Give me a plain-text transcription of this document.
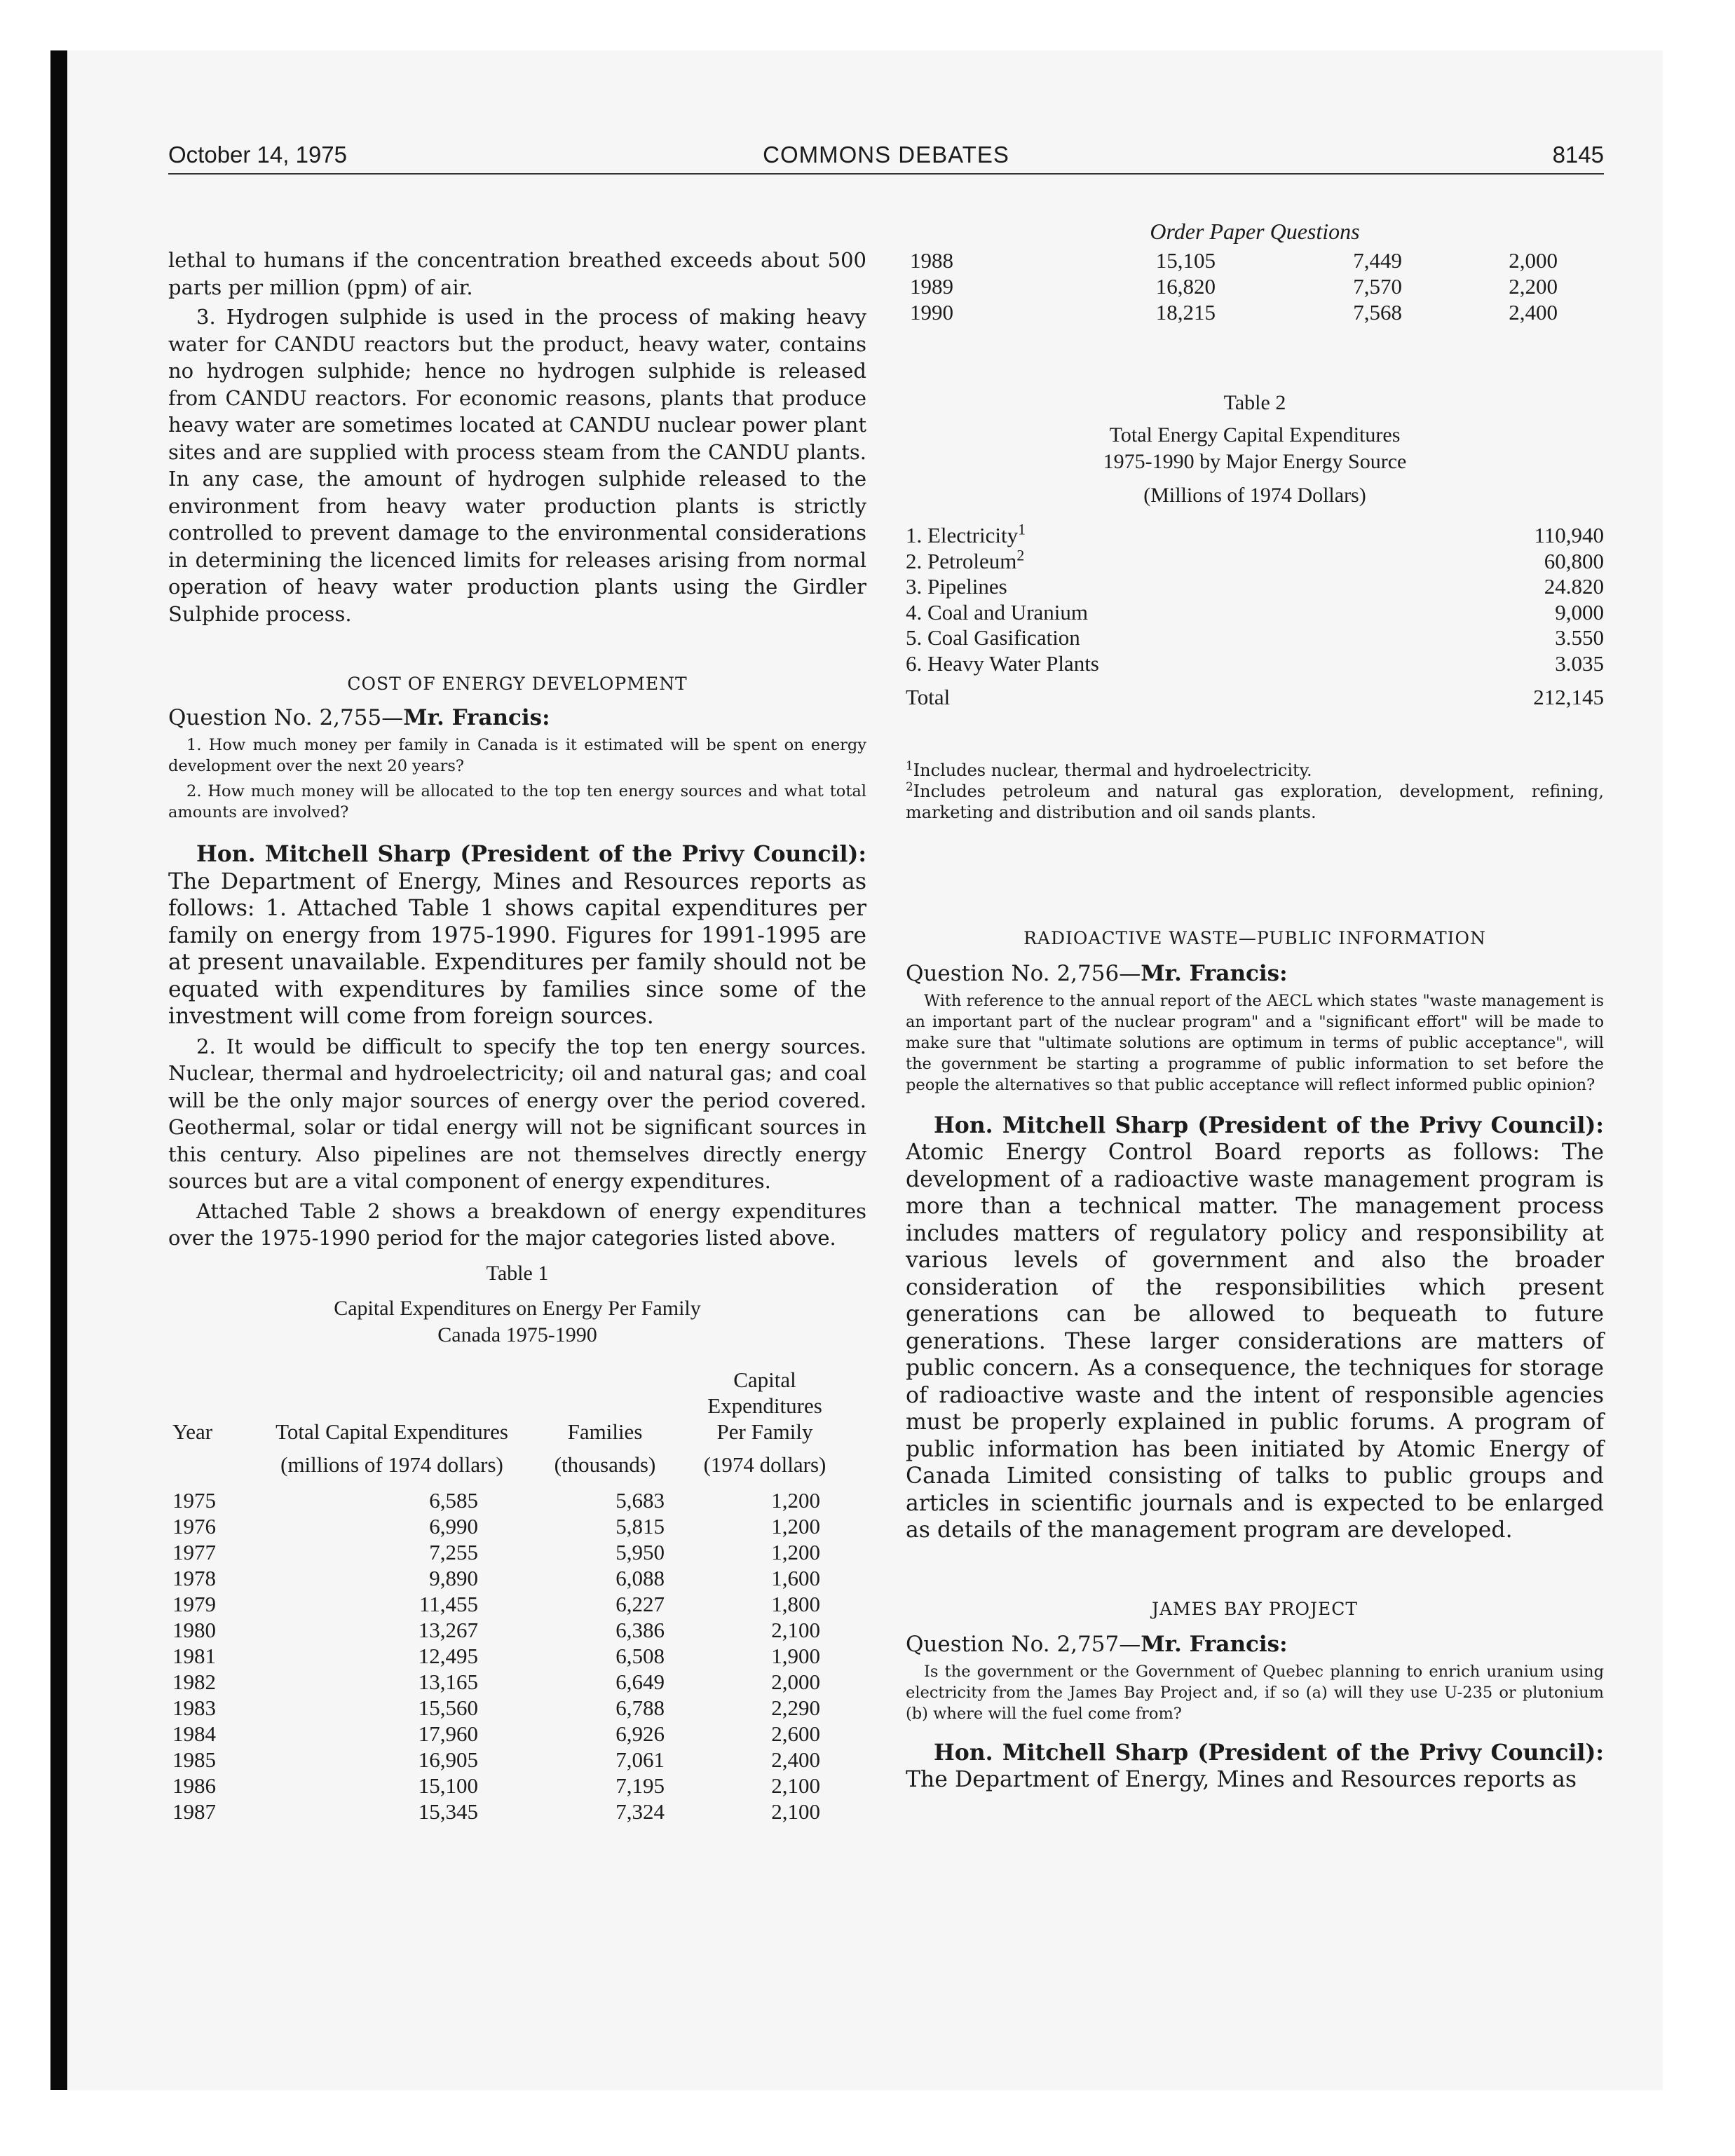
October 14, 1975	COMMONS DEBATES	8145

lethal to humans if the concentration breathed exceeds about 500 parts per million (ppm) of air.

3. Hydrogen sulphide is used in the process of making heavy water for CANDU reactors but the product, heavy water, contains no hydrogen sulphide; hence no hydrogen sulphide is released from CANDU reactors. For economic reasons, plants that produce heavy water are sometimes located at CANDU nuclear power plant sites and are supplied with process steam from the CANDU plants. In any case, the amount of hydrogen sulphide released to the environment from heavy water production plants is strictly controlled to prevent damage to the environmental considerations in determining the licenced limits for releases arising from normal operation of heavy water production plants using the Girdler Sulphide process.

COST OF ENERGY DEVELOPMENT

Question No. 2,755—Mr. Francis:

1. How much money per family in Canada is it estimated will be spent on energy development over the next 20 years?

2. How much money will be allocated to the top ten energy sources and what total amounts are involved?

Hon. Mitchell Sharp (President of the Privy Council): The Department of Energy, Mines and Resources reports as follows: 1. Attached Table 1 shows capital expenditures per family on energy from 1975-1990. Figures for 1991-1995 are at present unavailable. Expenditures per family should not be equated with expenditures by families since some of the investment will come from foreign sources.

2. It would be difficult to specify the top ten energy sources. Nuclear, thermal and hydroelectricity; oil and natural gas; and coal will be the only major sources of energy over the period covered. Geothermal, solar or tidal energy will not be significant sources in this century. Also pipelines are not themselves directly energy sources but are a vital component of energy expenditures.

Attached Table 2 shows a breakdown of energy expenditures over the 1975-1990 period for the major categories listed above.

Table 1

Capital Expenditures on Energy Per Family

Canada 1975-1990

Year	Total Capital Expenditures	Families	Capital
Expenditures
Per Family

	(millions of 1974 dollars)	(thousands)	(1974 dollars)

1975	6,585	5,683	1,200
1976	6,990	5,815	1,200
1977	7,255	5,950	1,200
1978	9,890	6,088	1,600
1979	11,455	6,227	1,800
1980	13,267	6,386	2,100
1981	12,495	6,508	1,900
1982	13,165	6,649	2,000
1983	15,560	6,788	2,290
1984	17,960	6,926	2,600
1985	16,905	7,061	2,400
1986	15,100	7,195	2,100
1987	15,345	7,324	2,100

Order Paper Questions

1988	15,105	7,449	2,000
1989	16,820	7,570	2,200
1990	18,215	7,568	2,400

Table 2

Total Energy Capital Expenditures

1975-1990 by Major Energy Source

(Millions of 1974 Dollars)

1. Electricity$^1$	110,940
2. Petroleum$^2$	60,800
3. Pipelines	24.820
4. Coal and Uranium	9,000
5. Coal Gasification	3.550
6. Heavy Water Plants	3.035
Total	212,145

$^1$Includes nuclear, thermal and hydroelectricity.

$^2$Includes petroleum and natural gas exploration, development, refining, marketing and distribution and oil sands plants.

RADIOACTIVE WASTE—PUBLIC INFORMATION

Question No. 2,756—Mr. Francis:

With reference to the annual report of the AECL which states "waste management is an important part of the nuclear program" and a "significant effort" will be made to make sure that "ultimate solutions are optimum in terms of public acceptance", will the government be starting a programme of public information to set before the people the alternatives so that public acceptance will reflect informed public opinion?

Hon. Mitchell Sharp (President of the Privy Council): Atomic Energy Control Board reports as follows: The development of a radioactive waste management program is more than a technical matter. The management process includes matters of regulatory policy and responsibility at various levels of government and also the broader consideration of the responsibilities which present generations can be allowed to bequeath to future generations. These larger considerations are matters of public concern. As a consequence, the techniques for storage of radioactive waste and the intent of responsible agencies must be properly explained in public forums. A program of public information has been initiated by Atomic Energy of Canada Limited consisting of talks to public groups and articles in scientific journals and is expected to be enlarged as details of the management program are developed.

JAMES BAY PROJECT

Question No. 2,757—Mr. Francis:

Is the government or the Government of Quebec planning to enrich uranium using electricity from the James Bay Project and, if so (a) will they use U-235 or plutonium (b) where will the fuel come from?

Hon. Mitchell Sharp (President of the Privy Council): The Department of Energy, Mines and Resources reports as
